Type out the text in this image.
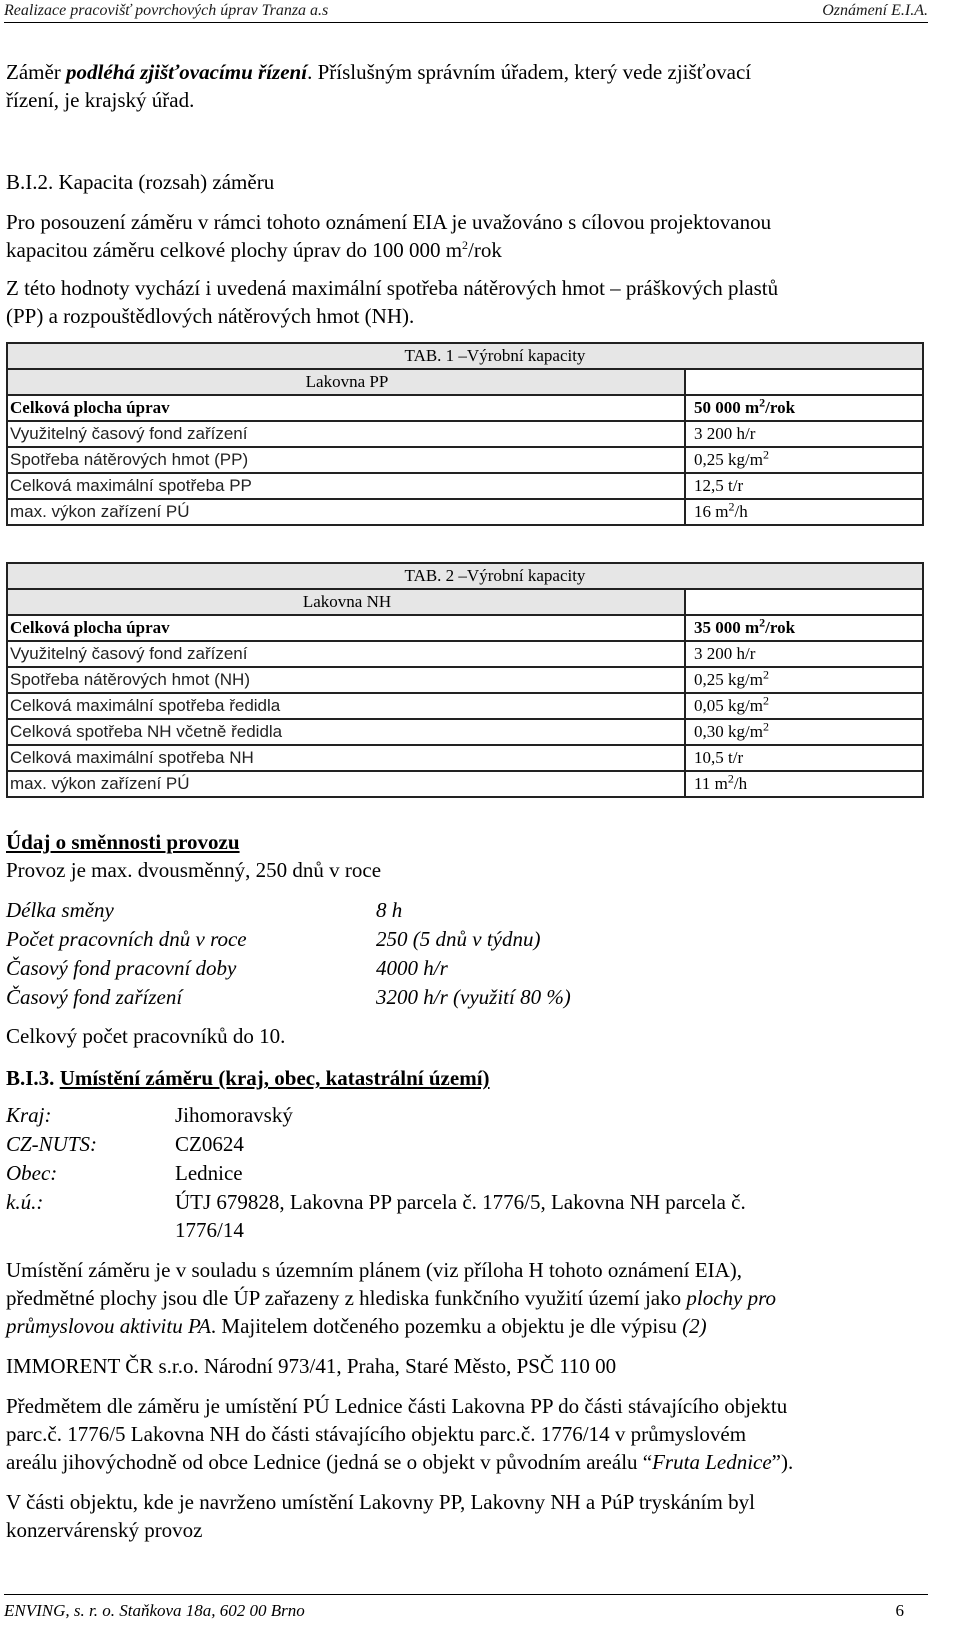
Realizace pracovišť povrchových úprav Tranza a.s	Oznámení E.I.A.
Záměr podléhá zjišťovacímu řízení. Příslušným správním úřadem, který vede zjišťovací
řízení, je krajský úřad.
B.I.2. Kapacita (rozsah) záměru
Pro posouzení záměru v rámci tohoto oznámení EIA je uvažováno s cílovou projektovanou
kapacitou záměru celkové plochy úprav do 100 000 $m^2$/rok
Z této hodnoty vychází i uvedená maximální spotřeba nátěrových hmot – práškových plastů
(PP) a rozpouštědlových nátěrových hmot (NH).
TAB. 1 –Výrobní kapacity	
Lakovna PP	
Celková plocha úprav	50 000 $m^2$/rok
Využitelný časový fond zařízení	3 200 h/r
Spotřeba nátěrových hmot (PP)	0,25 $kg/m^2$
Celková maximální spotřeba PP	12,5 t/r
max. výkon zařízení PÚ	16 $m^2/h$
TAB. 2 –Výrobní kapacity	
Lakovna NH	
Celková plocha úprav	35 000 $m^2$/rok
Využitelný časový fond zařízení	3 200 h/r
Spotřeba nátěrových hmot (NH)	0,25 $kg/m^2$
Celková maximální spotřeba ředidla	0,05 $kg/m^2$
Celková spotřeba NH včetně ředidla	0,30 $kg/m^2$
Celková maximální spotřeba NH	10,5 t/r
max. výkon zařízení PÚ	11 $m^2/h$
Údaj o směnnosti provozu
Provoz je max. dvousměnný, 250 dnů v roce
Délka směny	8 h
Počet pracovních dnů v roce	250 (5 dnů v týdnu)
Časový fond pracovní doby	4000 h/r
Časový fond zařízení	3200 h/r (využití 80 %)
Celkový počet pracovníků do 10.
B.I.3. Umístění záměru (kraj, obec, katastrální území)
Kraj:	Jihomoravský
CZ-NUTS:	CZ0624
Obec:	Lednice
k.ú.:	ÚTJ 679828, Lakovna PP parcela č. 1776/5, Lakovna NH parcela č.
1776/14
Umístění záměru je v souladu s územním plánem (viz příloha H tohoto oznámení EIA),
předmětné plochy jsou dle ÚP zařazeny z hlediska funkčního využití území jako plochy pro
průmyslovou aktivitu PA. Majitelem dotčeného pozemku a objektu je dle výpisu (2)
IMMORENT ČR s.r.o. Národní 973/41, Praha, Staré Město, PSČ 110 00
Předmětem dle záměru je umístění PÚ Lednice části Lakovna PP do části stávajícího objektu
parc.č. 1776/5 Lakovna NH do části stávajícího objektu parc.č. 1776/14 v průmyslovém
areálu jihovýchodně od obce Lednice (jedná se o objekt v původním areálu “Fruta Lednice”).
V části objektu, kde je navrženo umístění Lakovny PP, Lakovny NH a PúP tryskáním byl
konzervárenský provoz
ENVING, s. r. o. Staňkova 18a, 602 00 Brno	6
